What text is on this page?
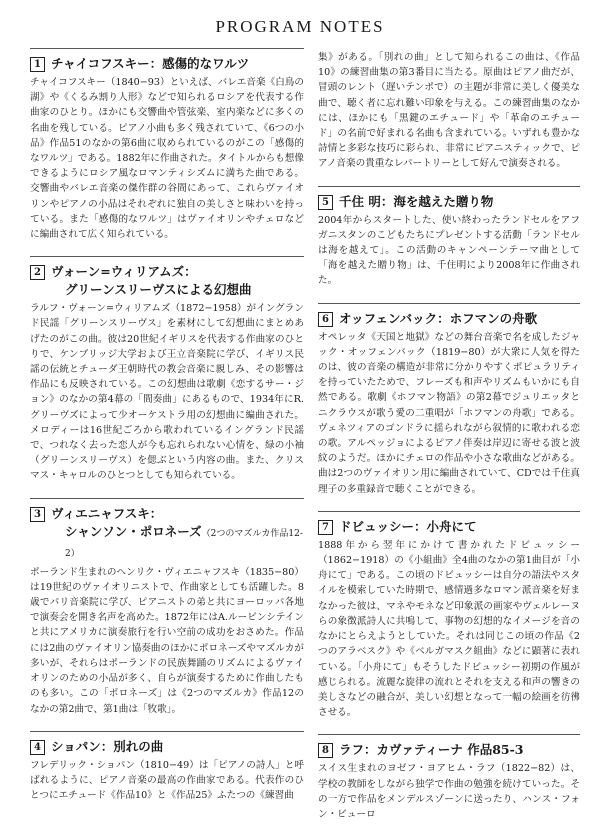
PROGRAM NOTES
1 チャイコフスキー：感傷的なワルツ
チャイコフスキー（1840−93）といえば、バレエ音楽《白鳥の湖》や《くるみ割り人形》などで知られるロシアを代表する作曲家のひとり。ほかにも交響曲や管弦楽、室内楽などに多くの名曲を残している。ピアノ小曲も多く残されていて、《6つの小品》作品51のなかの第6曲に収められているのがこの「感傷的なワルツ」である。1882年に作曲された。タイトルからも想像できるようにロシア風なロマンティシズムに満ちた曲である。交響曲やバレエ音楽の傑作群の谷間にあって、これらヴァイオリンやピアノの小品はそれぞれに独自の美しさと味わいを持っている。また「感傷的なワルツ」はヴァイオリンやチェロなどに編曲されて広く知られている。
2 ヴォーン=ウィリアムズ：
グリーンスリーヴスによる幻想曲
ラルフ・ヴォーン=ウィリアムズ（1872−1958）がイングランド民謡「グリーンスリーヴス」を素材にして幻想曲にまとめあげたのがこの曲。彼は20世紀イギリスを代表する作曲家のひとりで、ケンブリッジ大学および王立音楽院に学び、イギリス民謡の伝統とチューダ王朝時代の教会音楽に親しみ、その影響は作品にも反映されている。この幻想曲は歌劇《恋するサー・ジョン》のなかの第4幕の「間奏曲」にあるもので、1934年にR.グリーヴズによって少オーケストラ用の幻想曲に編曲された。メロディーは16世紀ごろから歌われているイングランド民謡で、つれなく去った恋人が今も忘れられない心情を、緑の小袖（グリーンスリーヴス）を偲ぶという内容の曲。また、クリスマス・キャロルのひとつとしても知られている。
3 ヴィエニャフスキ：
シャンソン・ポロネーズ（2つのマズルカ作品12-2）
ポーランド生まれのヘンリク・ヴィエニャフスキ（1835−80）は19世紀のヴァイオリニストで、作曲家としても活躍した。8歳でパリ音楽院に学び、ピアニストの弟と共にヨーロッパ各地で演奏会を開き名声を高めた。1872年にはA.ルービンシテインと共にアメリカに演奏旅行を行い空前の成功をおさめた。作品には2曲のヴァイオリン協奏曲のほかにポロネーズやマズルカが多いが、それらはポーランドの民族舞踊のリズムによるヴァイオリンのための小品が多く、自らが演奏するために作曲したものも多い。この「ポロネーズ」は《2つのマズルカ》作品12のなかの第2曲で、第1曲は「牧歌」。
4 ショパン：別れの曲
フレデリック・ショパン（1810−49）は「ピアノの詩人」と呼ばれるように、ピアノ音楽の最高の作曲家である。代表作のひとつにエチュード《作品10》と《作品25》ふたつの《練習曲
集》がある。「別れの曲」として知られるこの曲は、《作品10》の練習曲集の第3番目に当たる。原曲はピアノ曲だが、冒頭のレント（遅いテンポで）の主題が非常に美しく優美な曲で、聴く者に忘れ難い印象を与える。この練習曲集のなかには、ほかにも「黒鍵のエチュード」や「革命のエチュード」の名前で好まれる名曲も含まれている。いずれも豊かな詩情と多彩な技巧に彩られ、非常にピアニスティックで、ピアノ音楽の貴重なレパートリーとして好んで演奏される。
5 千住 明：海を越えた贈り物
2004年からスタートした、使い終わったランドセルをアフガニスタンのこどもたちにプレゼントする活動「ランドセルは海を越えて」。この活動のキャンペーンテーマ曲として「海を越えた贈り物」は、千住明により2008年に作曲された。
6 オッフェンバック：ホフマンの舟歌
オペレッタ《天国と地獄》などの舞台音楽で名を成したジャック・オッフェンバック（1819−80）が大衆に人気を得たのは、彼の音楽の構造が非常に分かりやすくポピュラリティを持っていたためで、フレーズも和声やリズムもいかにも自然である。歌劇《ホフマン物語》の第2幕でジュリエッタとニクラウスが歌う愛の二重唱が「ホフマンの舟歌」である。ヴェネツィアのゴンドラに揺られながら叙情的に歌われる恋の歌。アルペッジョによるピアノ伴奏は岸辺に寄せる波と波紋のようだ。ほかにチェロの作品や小さな歌曲などがある。曲は2つのヴァイオリン用に編曲されていて、CDでは千住真理子の多重録音で聴くことができる。
7 ドビュッシー：小舟にて
1888年から翌年にかけて書かれたドビュッシー（1862−1918）の《小組曲》全4曲のなかの第1曲目が「小舟にて」である。この頃のドビュッシーは自分の語法やスタイルを模索していた時期で、感情過多なロマン派音楽を好まなかった彼は、マネやモネなど印象派の画家やヴェルレーヌらの象徴派詩人に共鳴して、事物の幻想的なイメージを音のなかにとらえようとしていた。それは同じこの頃の作品《2つのアラベスク》や《ベルガマスク組曲》などに顕著に表れている。「小舟にて」もそうしたドビュッシー初期の作風が感じられる。流麗な旋律の流れとそれを支える和声の響きの美しさなどの融合が、美しい幻想となって一幅の絵画を彷彿させる。
8 ラフ：カヴァティーナ 作品85-3
スイス生まれのヨゼフ・ヨアヒム・ラフ（1822−82）は、学校の教師をしながら独学で作曲の勉強を続けていった。その一方で作品をメンデルスゾーンに送ったり、ハンス・フォン・ビューロ
